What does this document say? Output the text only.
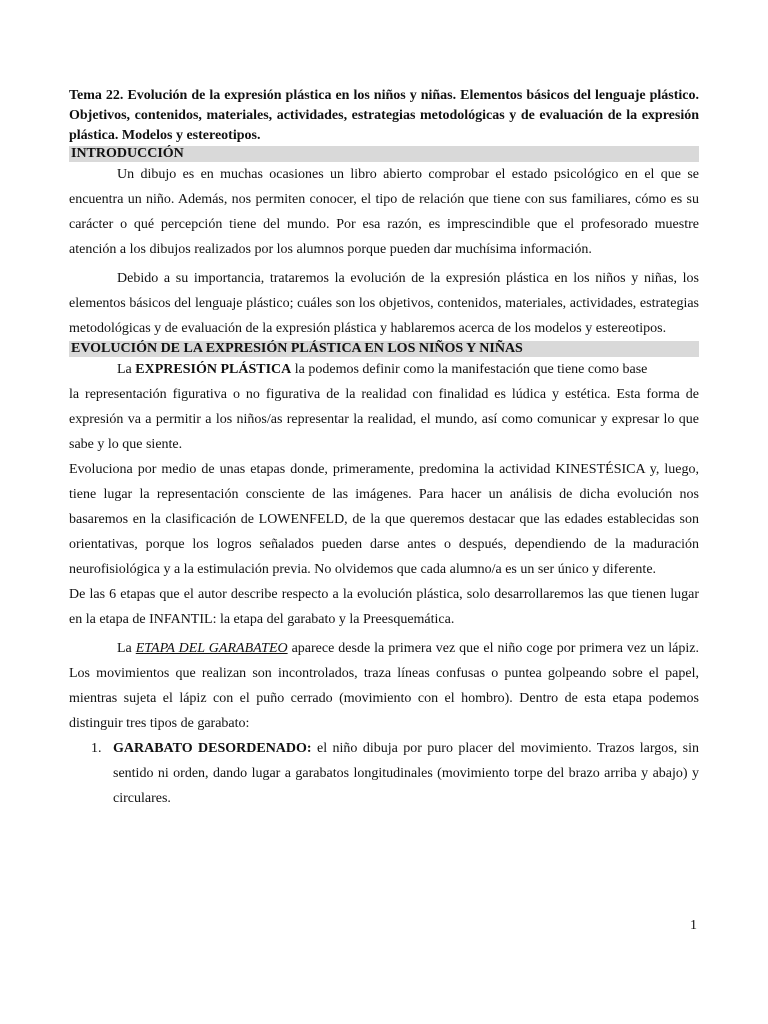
Tema 22. Evolución de la expresión plástica en los niños y niñas. Elementos básicos del lenguaje plástico. Objetivos, contenidos, materiales, actividades, estrategias metodológicas y de evaluación de la expresión plástica. Modelos y estereotipos.

INTRODUCCIÓN

Un dibujo es en muchas ocasiones un libro abierto comprobar el estado psicológico en el que se encuentra un niño. Además, nos permiten conocer, el tipo de relación que tiene con sus familiares, cómo es su carácter o qué percepción tiene del mundo. Por esa razón, es imprescindible que el profesorado muestre atención a los dibujos realizados por los alumnos porque pueden dar muchísima información.

Debido a su importancia, trataremos la evolución de la expresión plástica en los niños y niñas, los elementos básicos del lenguaje plástico; cuáles son los objetivos, contenidos, materiales, actividades, estrategias metodológicas y de evaluación de la expresión plástica y hablaremos acerca de los modelos y estereotipos.

EVOLUCIÓN DE LA EXPRESIÓN PLÁSTICA EN LOS NIÑOS Y NIÑAS

La EXPRESIÓN PLÁSTICA la podemos definir como la manifestación que tiene como base

la representación figurativa o no figurativa de la realidad con finalidad es lúdica y estética. Esta forma de expresión va a permitir a los niños/as representar la realidad, el mundo, así como comunicar y expresar lo que sabe y lo que siente.

Evoluciona por medio de unas etapas donde, primeramente, predomina la actividad KINESTÉSICA y, luego, tiene lugar la representación consciente de las imágenes. Para hacer un análisis de dicha evolución nos basaremos en la clasificación de LOWENFELD, de la que queremos destacar que las edades establecidas son orientativas, porque los logros señalados pueden darse antes o después, dependiendo de la maduración neurofisiológica y a la estimulación previa. No olvidemos que cada alumno/a es un ser único y diferente.

De las 6 etapas que el autor describe respecto a la evolución plástica, solo desarrollaremos las que tienen lugar en la etapa de INFANTIL: la etapa del garabato y la Preesquemática.

La ETAPA DEL GARABATEO aparece desde la primera vez que el niño coge por primera vez un lápiz. Los movimientos que realizan son incontrolados, traza líneas confusas o puntea golpeando sobre el papel, mientras sujeta el lápiz con el puño cerrado (movimiento con el hombro). Dentro de esta etapa podemos distinguir tres tipos de garabato:

1. GARABATO DESORDENADO: el niño dibuja por puro placer del movimiento. Trazos largos, sin sentido ni orden, dando lugar a garabatos longitudinales (movimiento torpe del brazo arriba y abajo) y circulares.
1
